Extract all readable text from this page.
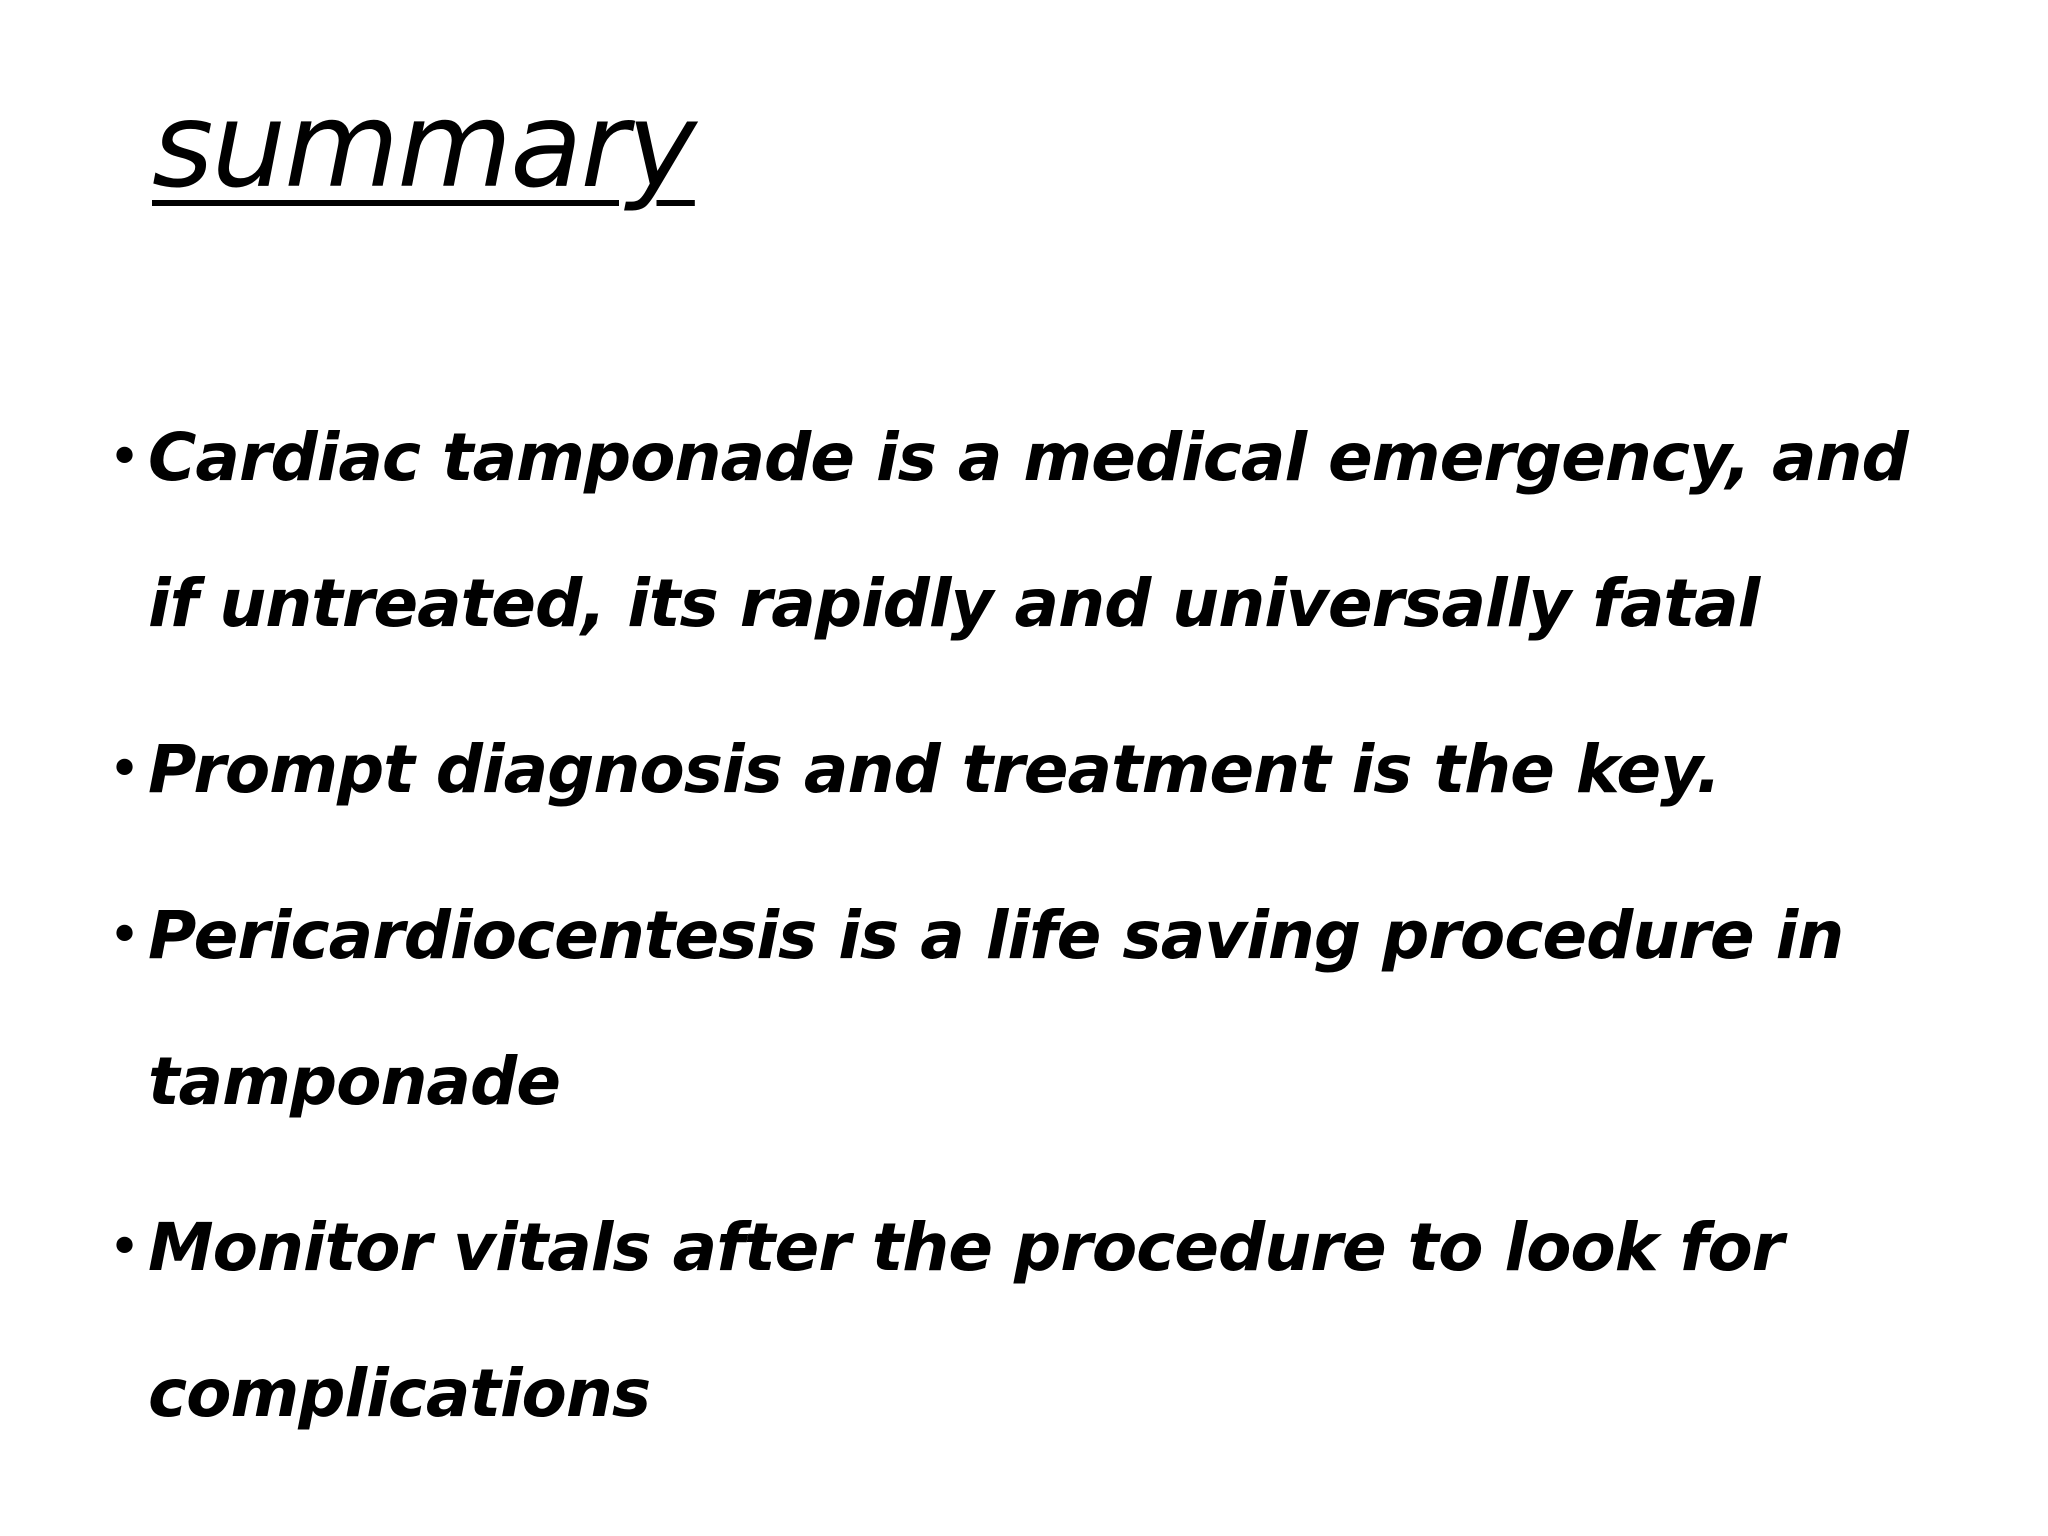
summary
• Cardiac tamponade is a medical emergency, and if untreated, its rapidly and universally fatal
• Prompt diagnosis and treatment is the key.
• Pericardiocentesis is a life saving procedure in tamponade
• Monitor vitals after the procedure to look for complications
